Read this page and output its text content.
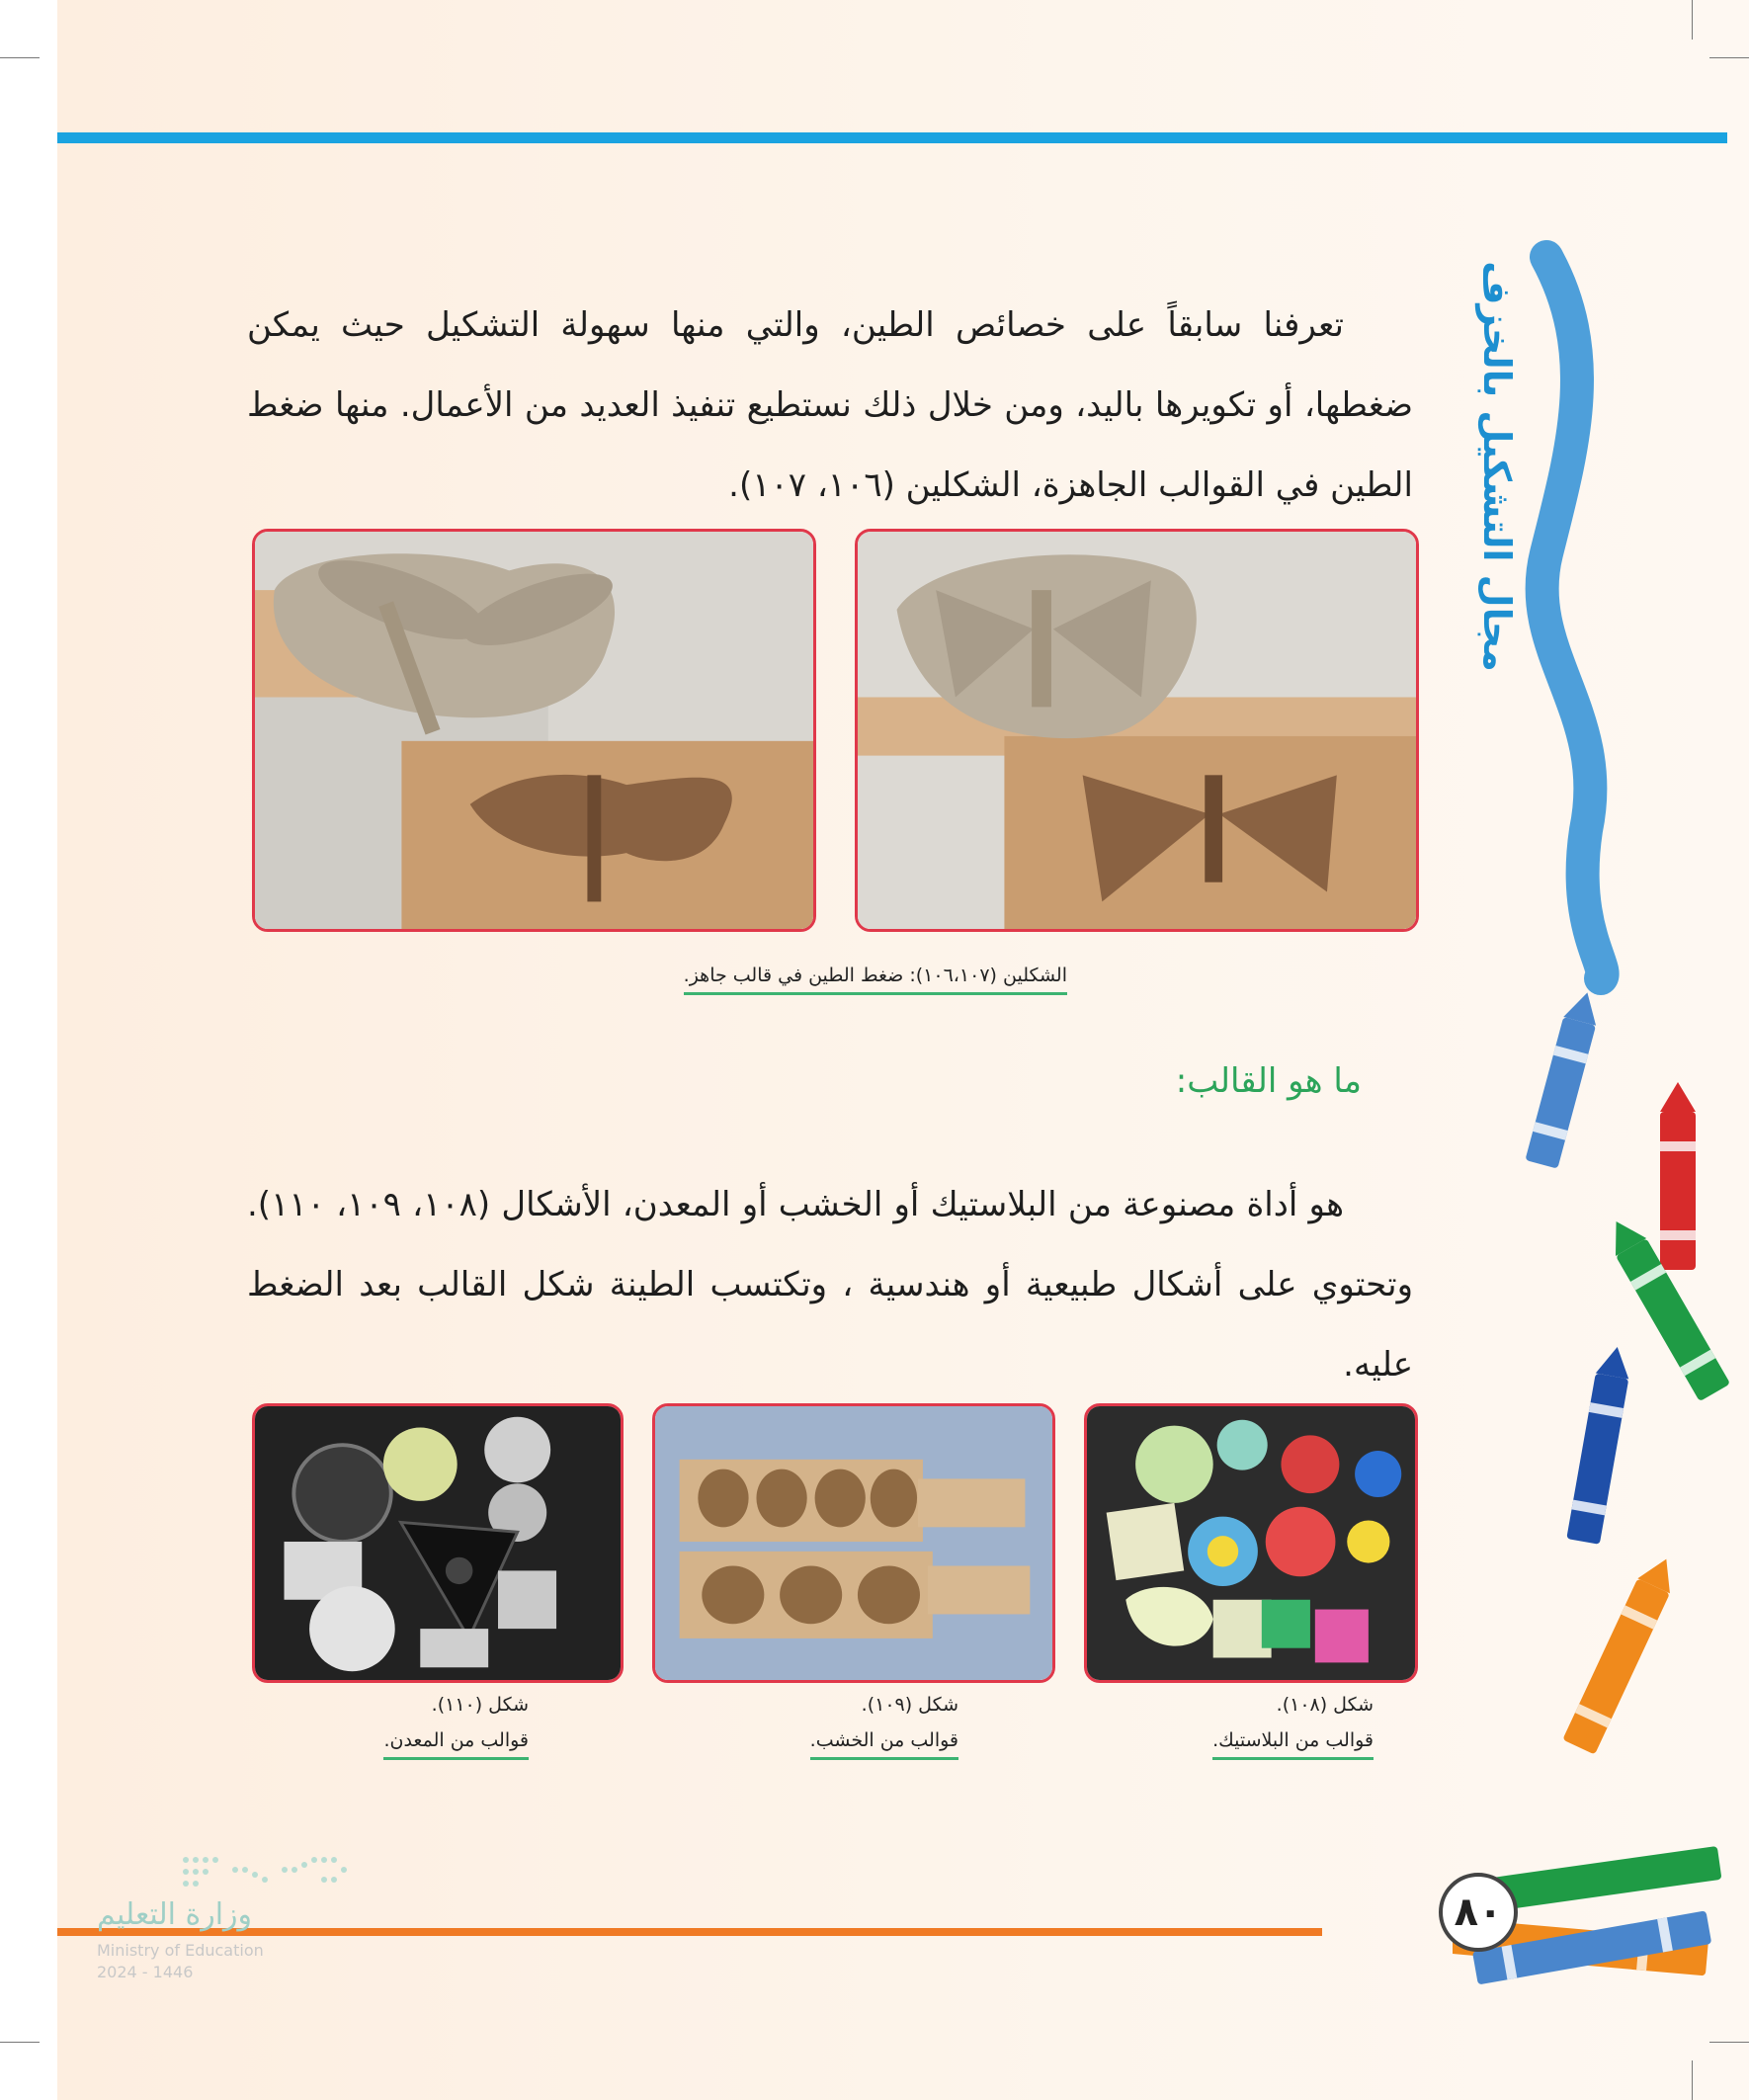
مجال التشكيل بالخزف

تعرفنا سابقاً على خصائص الطين، والتي منها سهولة التشكيل حيث يمكن ضغطها، أو تكويرها باليد، ومن خلال ذلك نستطيع تنفيذ العديد من الأعمال. منها ضغط الطين في القوالب الجاهزة، الشكلين (١٠٦، ١٠٧).

الشكلين (١٠٦،١٠٧): ضغط الطين في قالب جاهز.
ما هو القالب:

هو أداة مصنوعة من البلاستيك أو الخشب أو المعدن، الأشكال (١٠٨، ١٠٩، ١١٠). وتحتوي على أشكال طبيعية أو هندسية ، وتكتسب الطينة شكل القالب بعد الضغط عليه.

شكل (١٠٨).
قوالب من البلاستيك.
شكل (١٠٩).
قوالب من الخشب.
شكل (١١٠).
قوالب من المعدن.
٨٠
وزارة التعليم
Ministry of Education
2024 - 1446
